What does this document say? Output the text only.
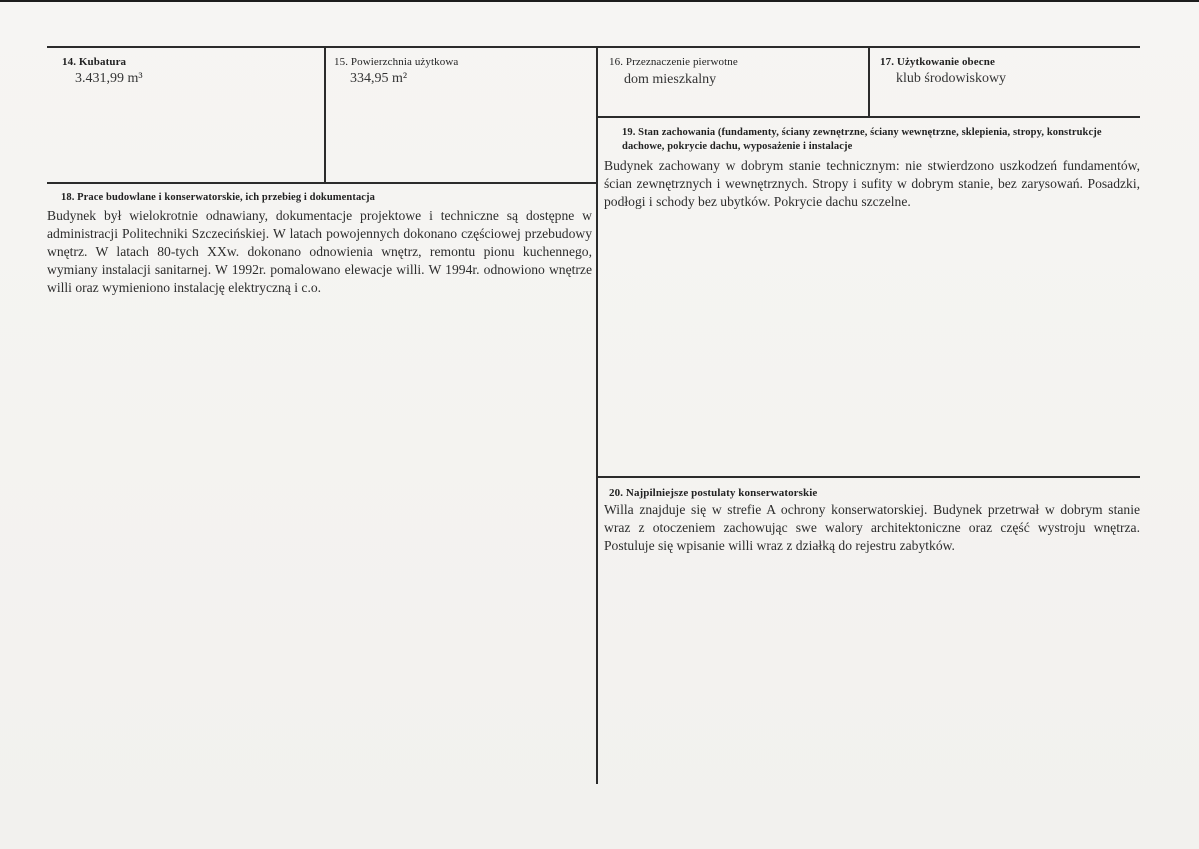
14. Kubatura
3.431,99 m³
15. Powierzchnia użytkowa
334,95 m²
16. Przeznaczenie pierwotne
dom mieszkalny
17. Użytkowanie obecne
klub środowiskowy
19. Stan zachowania (fundamenty, ściany zewnętrzne, ściany wewnętrzne, sklepienia, stropy, konstrukcje dachowe, pokrycie dachu, wyposażenie i instalacje
Budynek zachowany w dobrym stanie technicznym: nie stwierdzono uszkodzeń fundamentów, ścian zewnętrznych i wewnętrznych. Stropy i sufity w dobrym stanie, bez zarysowań. Posadzki, podłogi i schody bez ubytków. Pokrycie dachu szczelne.
18. Prace budowlane i konserwatorskie, ich przebieg i dokumentacja
Budynek był wielokrotnie odnawiany, dokumentacje projektowe i techniczne są dostępne w administracji Politechniki Szczecińskiej. W latach powojennych dokonano częściowej przebudowy wnętrz. W latach 80-tych XXw. dokonano odnowienia wnętrz, remontu pionu kuchennego, wymiany instalacji sanitarnej. W 1992r. pomalowano elewacje willi. W 1994r. odnowiono wnętrze willi oraz wymieniono instalację elektryczną i c.o.
20. Najpilniejsze postulaty konserwatorskie
Willa znajduje się w strefie A ochrony konserwatorskiej. Budynek przetrwał w dobrym stanie wraz z otoczeniem zachowując swe walory architektoniczne oraz część wystroju wnętrza. Postuluje się wpisanie willi wraz z działką do rejestru zabytków.
